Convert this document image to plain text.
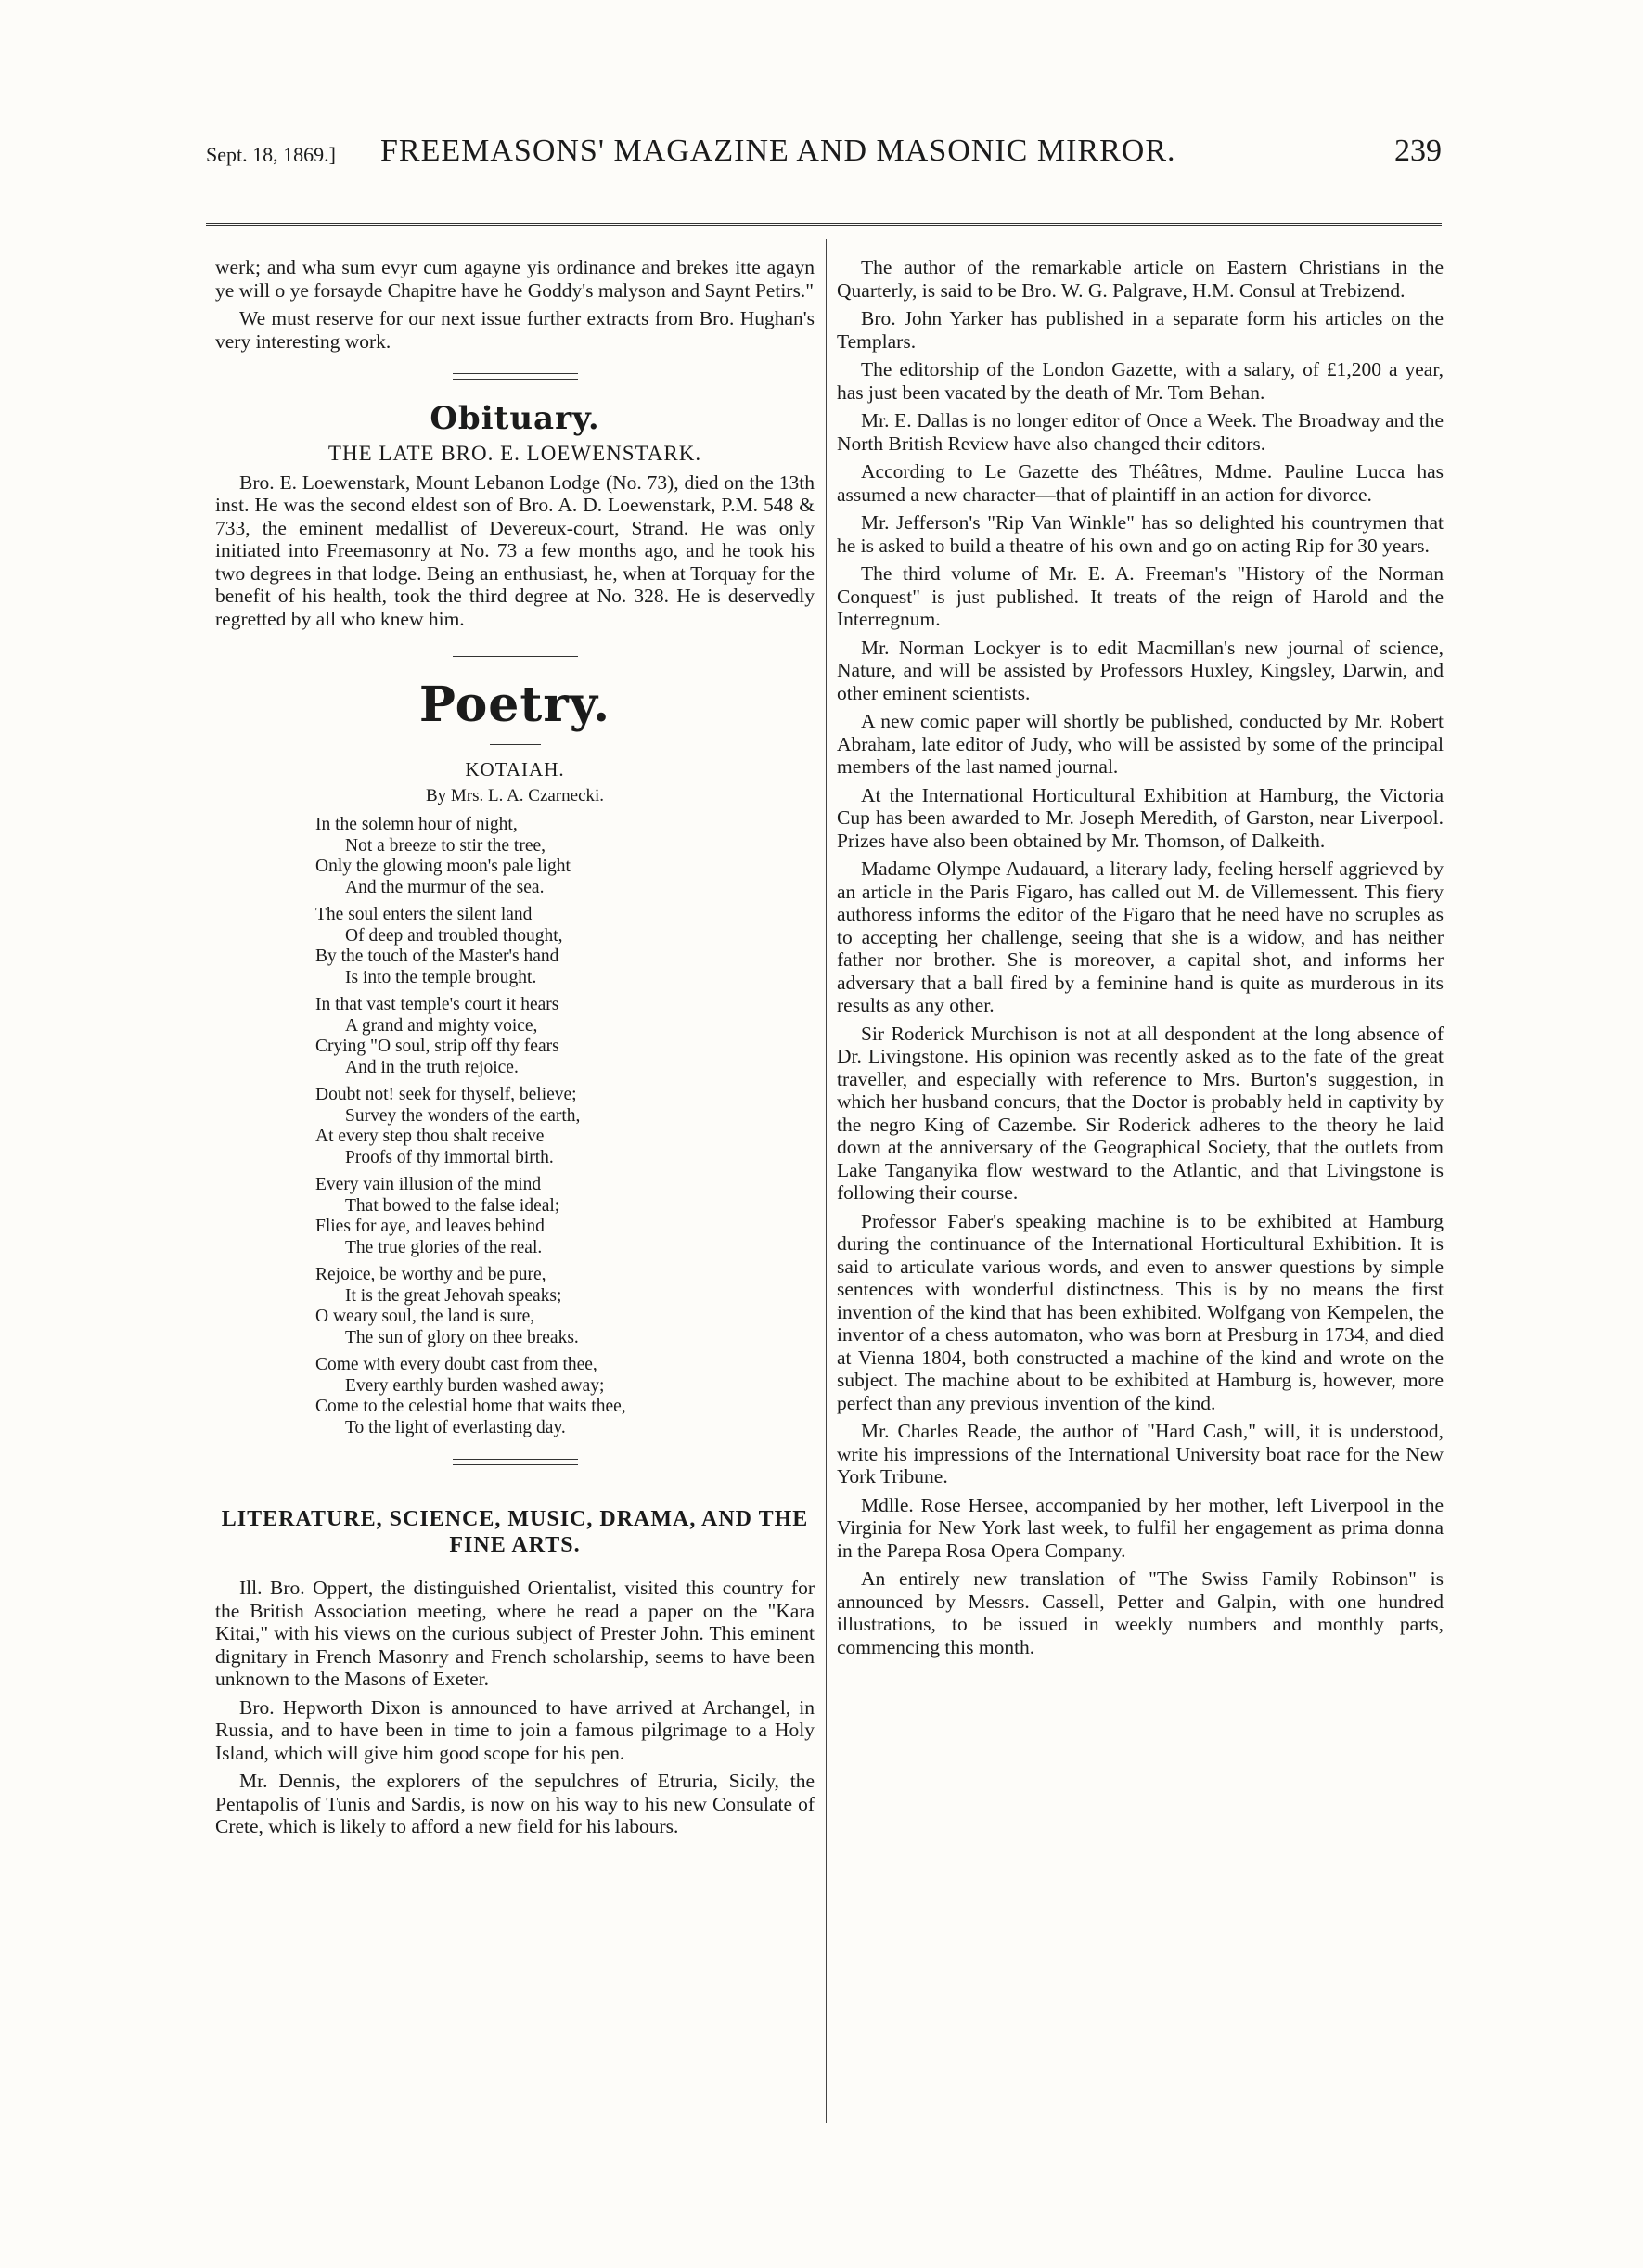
Sept. 18, 1869.] FREEMASONS' MAGAZINE AND MASONIC MIRROR.	239

werk; and wha sum evyr cum agayne yis ordinance and brekes itte agayn ye will o ye forsayde Chapitre have he Goddy's malyson and Saynt Petirs."

We must reserve for our next issue further extracts from Bro. Hughan's very interesting work.

Obituary.
THE LATE BRO. E. LOEWENSTARK.

Bro. E. Loewenstark, Mount Lebanon Lodge (No. 73), died on the 13th inst. He was the second eldest son of Bro. A. D. Loewenstark, P.M. 548 & 733, the eminent medallist of Devereux-court, Strand. He was only initiated into Freemasonry at No. 73 a few months ago, and he took his two degrees in that lodge. Being an enthusiast, he, when at Torquay for the benefit of his health, took the third degree at No. 328. He is deservedly regretted by all who knew him.

Poetry.
KOTAIAH.
By Mrs. L. A. Czarnecki.
In the solemn hour of night,
Not a breeze to stir the tree,
Only the glowing moon's pale light
And the murmur of the sea.
The soul enters the silent land
Of deep and troubled thought,
By the touch of the Master's hand
Is into the temple brought.
In that vast temple's court it hears
A grand and mighty voice,
Crying "O soul, strip off thy fears
And in the truth rejoice.
Doubt not! seek for thyself, believe;
Survey the wonders of the earth,
At every step thou shalt receive
Proofs of thy immortal birth.
Every vain illusion of the mind
That bowed to the false ideal;
Flies for aye, and leaves behind
The true glories of the real.
Rejoice, be worthy and be pure,
It is the great Jehovah speaks;
O weary soul, the land is sure,
The sun of glory on thee breaks.
Come with every doubt cast from thee,
Every earthly burden washed away;
Come to the celestial home that waits thee,
To the light of everlasting day.
LITERATURE, SCIENCE, MUSIC, DRAMA, AND THE FINE ARTS.

Ill. Bro. Oppert, the distinguished Orientalist, visited this country for the British Association meeting, where he read a paper on the "Kara Kitai," with his views on the curious subject of Prester John. This eminent dignitary in French Masonry and French scholarship, seems to have been unknown to the Masons of Exeter.

Bro. Hepworth Dixon is announced to have arrived at Archangel, in Russia, and to have been in time to join a famous pilgrimage to a Holy Island, which will give him good scope for his pen.

Mr. Dennis, the explorers of the sepulchres of Etruria, Sicily, the Pentapolis of Tunis and Sardis, is now on his way to his new Consulate of Crete, which is likely to afford a new field for his labours.

The author of the remarkable article on Eastern Christians in the Quarterly, is said to be Bro. W. G. Palgrave, H.M. Consul at Trebizend.

Bro. John Yarker has published in a separate form his articles on the Templars.

The editorship of the London Gazette, with a salary, of £1,200 a year, has just been vacated by the death of Mr. Tom Behan.

Mr. E. Dallas is no longer editor of Once a Week. The Broadway and the North British Review have also changed their editors.

According to Le Gazette des Théâtres, Mdme. Pauline Lucca has assumed a new character—that of plaintiff in an action for divorce.

Mr. Jefferson's "Rip Van Winkle" has so delighted his countrymen that he is asked to build a theatre of his own and go on acting Rip for 30 years.

The third volume of Mr. E. A. Freeman's "History of the Norman Conquest" is just published. It treats of the reign of Harold and the Interregnum.

Mr. Norman Lockyer is to edit Macmillan's new journal of science, Nature, and will be assisted by Professors Huxley, Kingsley, Darwin, and other eminent scientists.

A new comic paper will shortly be published, conducted by Mr. Robert Abraham, late editor of Judy, who will be assisted by some of the principal members of the last named journal.

At the International Horticultural Exhibition at Hamburg, the Victoria Cup has been awarded to Mr. Joseph Meredith, of Garston, near Liverpool. Prizes have also been obtained by Mr. Thomson, of Dalkeith.

Madame Olympe Audauard, a literary lady, feeling herself aggrieved by an article in the Paris Figaro, has called out M. de Villemessent. This fiery authoress informs the editor of the Figaro that he need have no scruples as to accepting her challenge, seeing that she is a widow, and has neither father nor brother. She is moreover, a capital shot, and informs her adversary that a ball fired by a feminine hand is quite as murderous in its results as any other.

Sir Roderick Murchison is not at all despondent at the long absence of Dr. Livingstone. His opinion was recently asked as to the fate of the great traveller, and especially with reference to Mrs. Burton's suggestion, in which her husband concurs, that the Doctor is probably held in captivity by the negro King of Cazembe. Sir Roderick adheres to the theory he laid down at the anniversary of the Geographical Society, that the outlets from Lake Tanganyika flow westward to the Atlantic, and that Livingstone is following their course.

Professor Faber's speaking machine is to be exhibited at Hamburg during the continuance of the International Horticultural Exhibition. It is said to articulate various words, and even to answer questions by simple sentences with wonderful distinctness. This is by no means the first invention of the kind that has been exhibited. Wolfgang von Kempelen, the inventor of a chess automaton, who was born at Presburg in 1734, and died at Vienna 1804, both constructed a machine of the kind and wrote on the subject. The machine about to be exhibited at Hamburg is, however, more perfect than any previous invention of the kind.

Mr. Charles Reade, the author of "Hard Cash," will, it is understood, write his impressions of the International University boat race for the New York Tribune.

Mdlle. Rose Hersee, accompanied by her mother, left Liverpool in the Virginia for New York last week, to fulfil her engagement as prima donna in the Parepa Rosa Opera Company.

An entirely new translation of "The Swiss Family Robinson" is announced by Messrs. Cassell, Petter and Galpin, with one hundred illustrations, to be issued in weekly numbers and monthly parts, commencing this month.
